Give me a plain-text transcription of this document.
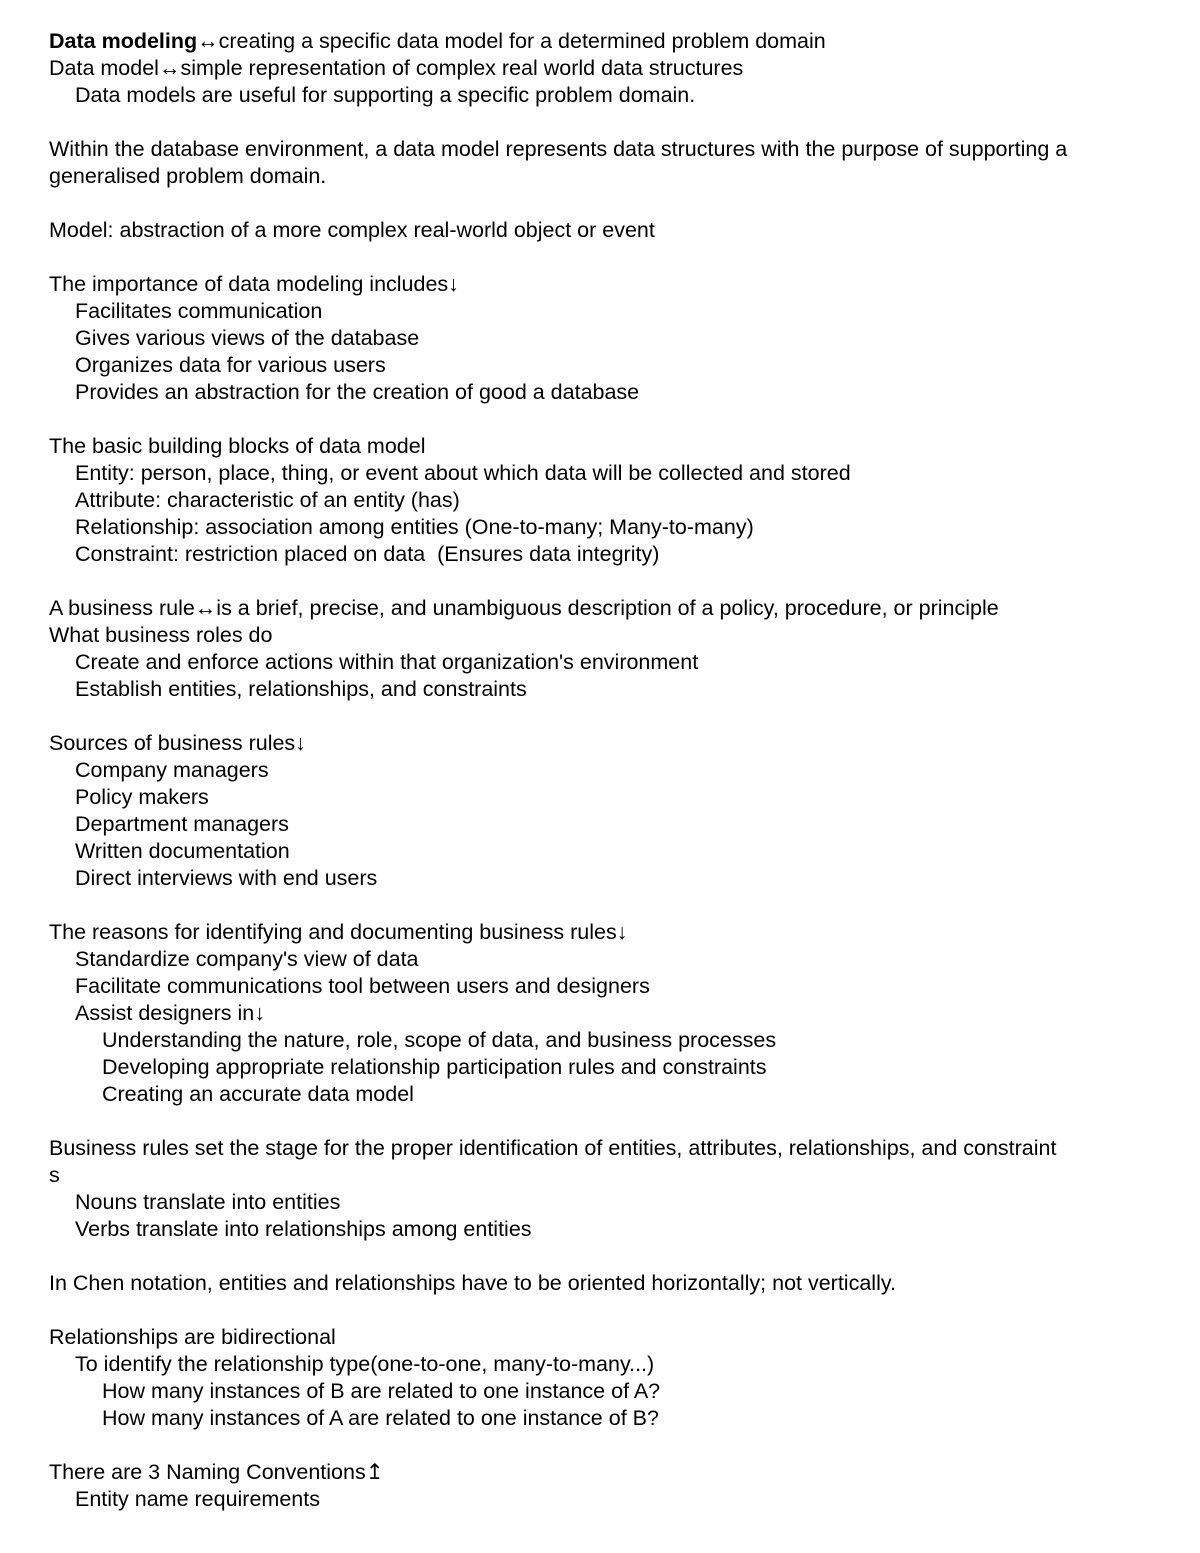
Data modeling↔creating a specific data model for a determined problem domain
Data model↔simple representation of complex real world data structures
Data models are useful for supporting a specific problem domain.
Within the database environment, a data model represents data structures with the purpose of supporting a generalised problem domain.
Model: abstraction of a more complex real-world object or event
The importance of data modeling includes↓
Facilitates communication
Gives various views of the database
Organizes data for various users
Provides an abstraction for the creation of good a database
The basic building blocks of data model
Entity: person, place, thing, or event about which data will be collected and stored
Attribute: characteristic of an entity (has)
Relationship: association among entities (One-to-many; Many-to-many)
Constraint: restriction placed on data  (Ensures data integrity)
A business rule↔is a brief, precise, and unambiguous description of a policy, procedure, or principle
What business roles do
Create and enforce actions within that organization's environment
Establish entities, relationships, and constraints
Sources of business rules↓
Company managers
Policy makers
Department managers
Written documentation
Direct interviews with end users
The reasons for identifying and documenting business rules↓
Standardize company's view of data
Facilitate communications tool between users and designers
Assist designers in↓
Understanding the nature, role, scope of data, and business processes
Developing appropriate relationship participation rules and constraints
Creating an accurate data model
Business rules set the stage for the proper identification of entities, attributes, relationships, and constraint
s
Nouns translate into entities
Verbs translate into relationships among entities
In Chen notation, entities and relationships have to be oriented horizontally; not vertically.
Relationships are bidirectional
To identify the relationship type(one-to-one, many-to-many...)
How many instances of B are related to one instance of A?
How many instances of A are related to one instance of B?
There are 3 Naming Conventions↥
Entity name requirements
